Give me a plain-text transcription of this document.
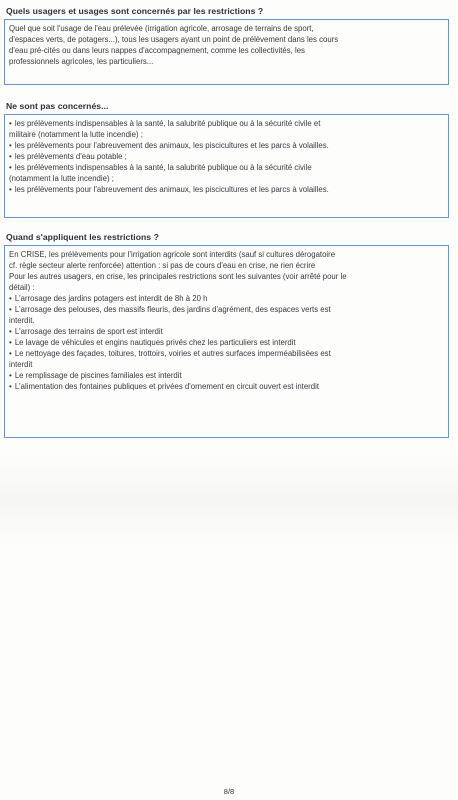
Quels usagers et usages sont concernés par les restrictions ?

Quel que soit l'usage de l'eau prélevée (irrigation agricole, arrosage de terrains de sport,

d'espaces verts, de potagers...), tous les usagers ayant un point de prélèvement dans les cours

d'eau pré-cités ou dans leurs nappes d'accompagnement, comme les collectivités, les

professionnels agricoles, les particuliers...

Ne sont pas concernés...
• les prélèvements indispensables à la santé, la salubrité publique ou à la sécurité civile et
militaire (notamment la lutte incendie) ;
• les prélèvements pour l'abreuvement des animaux, les piscicultures et les parcs à volailles.
• les prélèvements d'eau potable ;
• les prélèvements indispensables à la santé, la salubrité publique ou à la sécurité civile
(notamment la lutte incendie) ;
• les prélèvements pour l'abreuvement des animaux, les piscicultures et les parcs à volailles.
Quand s'appliquent les restrictions ?

En CRISE, les prélèvements pour l'irrigation agricole sont interdits (sauf si cultures dérogatoire

cf. règle secteur alerte renforcée) attention : si pas de cours d'eau en crise, ne rien écrire

Pour les autres usagers, en crise, les principales restrictions sont les suivantes (voir arrêté pour le

détail) :

• L'arrosage des jardins potagers est interdit de 8h à 20 h
• L'arrosage des pelouses, des massifs fleuris, des jardins d'agrément, des espaces verts est
interdit.
• L'arrosage des terrains de sport est interdit
• Le lavage de véhicules et engins nautiques privés chez les particuliers est interdit
• Le nettoyage des façades, toitures, trottoirs, voiries et autres surfaces imperméabilisées est
interdit
• Le remplissage de piscines familiales est interdit
• L'alimentation des fontaines publiques et privées d'ornement en circuit ouvert est interdit
8/8
